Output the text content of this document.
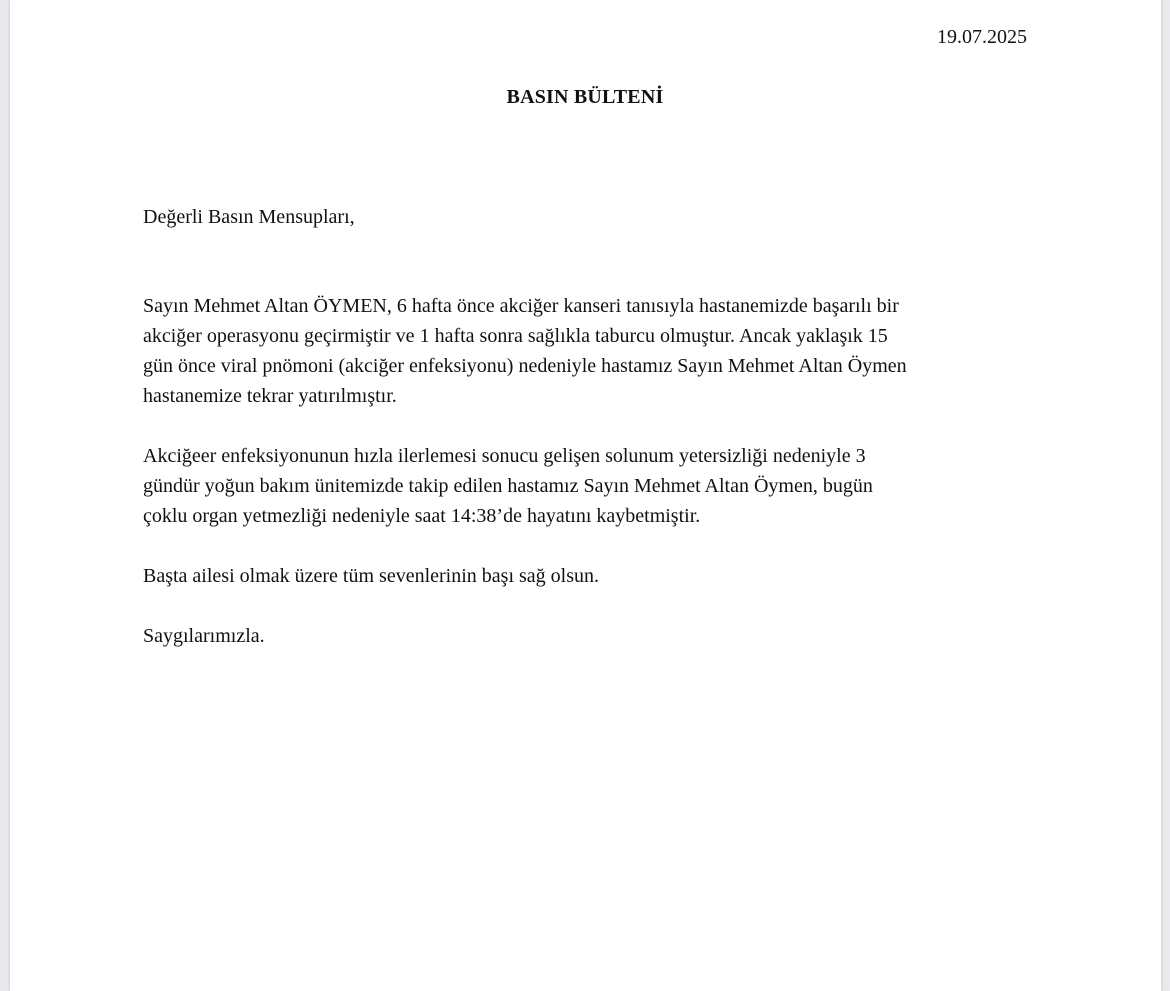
19.07.2025
BASIN BÜLTENİ
Değerli Basın Mensupları,

Sayın Mehmet Altan ÖYMEN, 6 hafta önce akciğer kanseri tanısıyla hastanemizde başarılı bir
akciğer operasyonu geçirmiştir ve 1 hafta sonra sağlıkla taburcu olmuştur. Ancak yaklaşık 15
gün önce viral pnömoni (akciğer enfeksiyonu) nedeniyle hastamız Sayın Mehmet Altan Öymen
hastanemize tekrar yatırılmıştır.

Akciğeer enfeksiyonunun hızla ilerlemesi sonucu gelişen solunum yetersizliği nedeniyle 3
gündür yoğun bakım ünitemizde takip edilen hastamız Sayın Mehmet Altan Öymen, bugün
çoklu organ yetmezliği nedeniyle saat 14:38’de hayatını kaybetmiştir.

Başta ailesi olmak üzere tüm sevenlerinin başı sağ olsun.

Saygılarımızla.
